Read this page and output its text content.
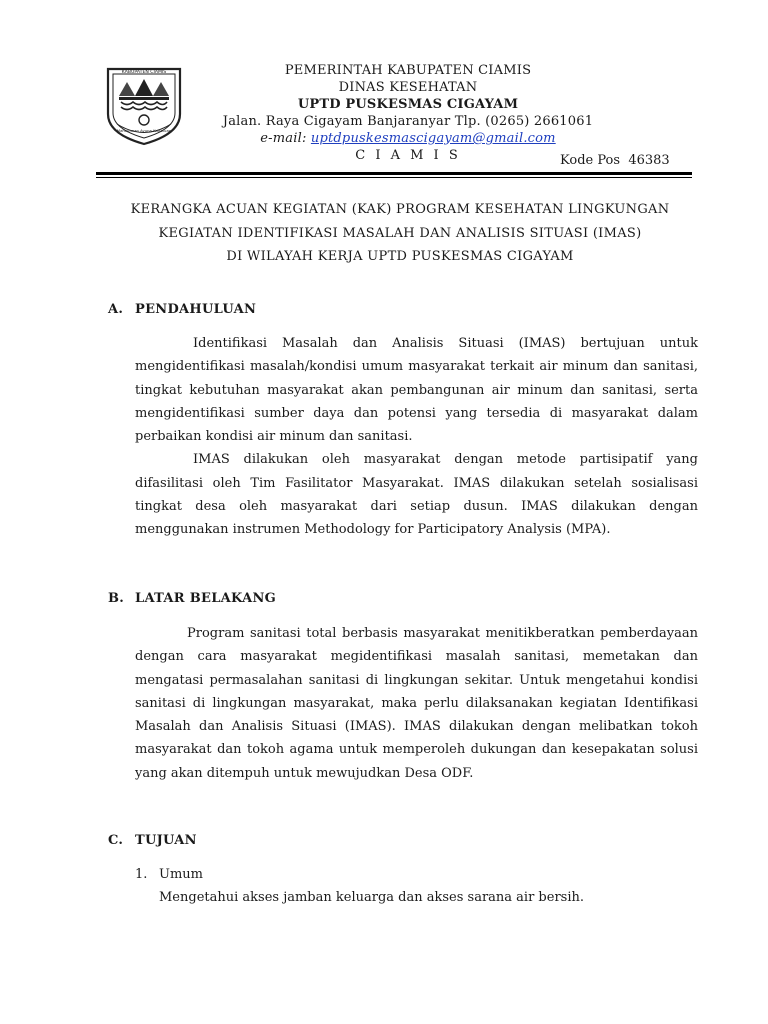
KABUPATEN CIAMIS
Mahayunan Ayuna Kadatuan
PEMERINTAH KABUPATEN CIAMIS
DINAS KESEHATAN
UPTD PUSKESMAS CIGAYAM
Jalan. Raya Cigayam Banjaranyar Tlp. (0265) 2661061
e-mail: uptdpuskesmascigayam@gmail.com
C I A M I S	Kode Pos 46383
KERANGKA ACUAN KEGIATAN (KAK) PROGRAM KESEHATAN LINGKUNGAN
KEGIATAN IDENTIFIKASI MASALAH DAN ANALISIS SITUASI (IMAS)
DI WILAYAH KERJA UPTD PUSKESMAS CIGAYAM
A. PENDAHULUAN

Identifikasi Masalah dan Analisis Situasi (IMAS) bertujuan untuk mengidentifikasi masalah/kondisi umum masyarakat terkait air minum dan sanitasi, tingkat kebutuhan masyarakat akan pembangunan air minum dan sanitasi, serta mengidentifikasi sumber daya dan potensi yang tersedia di masyarakat dalam perbaikan kondisi air minum dan sanitasi.

IMAS dilakukan oleh masyarakat dengan metode partisipatif yang difasilitasi oleh Tim Fasilitator Masyarakat. IMAS dilakukan setelah sosialisasi tingkat desa oleh masyarakat dari setiap dusun. IMAS dilakukan dengan menggunakan instrumen Methodology for Participatory Analysis (MPA).

B. LATAR BELAKANG

Program sanitasi total berbasis masyarakat menitikberatkan pemberdayaan dengan cara masyarakat megidentifikasi masalah sanitasi, memetakan dan mengatasi permasalahan sanitasi di lingkungan sekitar. Untuk mengetahui kondisi sanitasi di lingkungan masyarakat, maka perlu dilaksanakan kegiatan Identifikasi Masalah dan Analisis Situasi (IMAS). IMAS dilakukan dengan melibatkan tokoh masyarakat dan tokoh agama untuk memperoleh dukungan dan kesepakatan solusi yang akan ditempuh untuk mewujudkan Desa ODF.

C. TUJUAN
1. Umum
Mengetahui akses jamban keluarga dan akses sarana air bersih.
